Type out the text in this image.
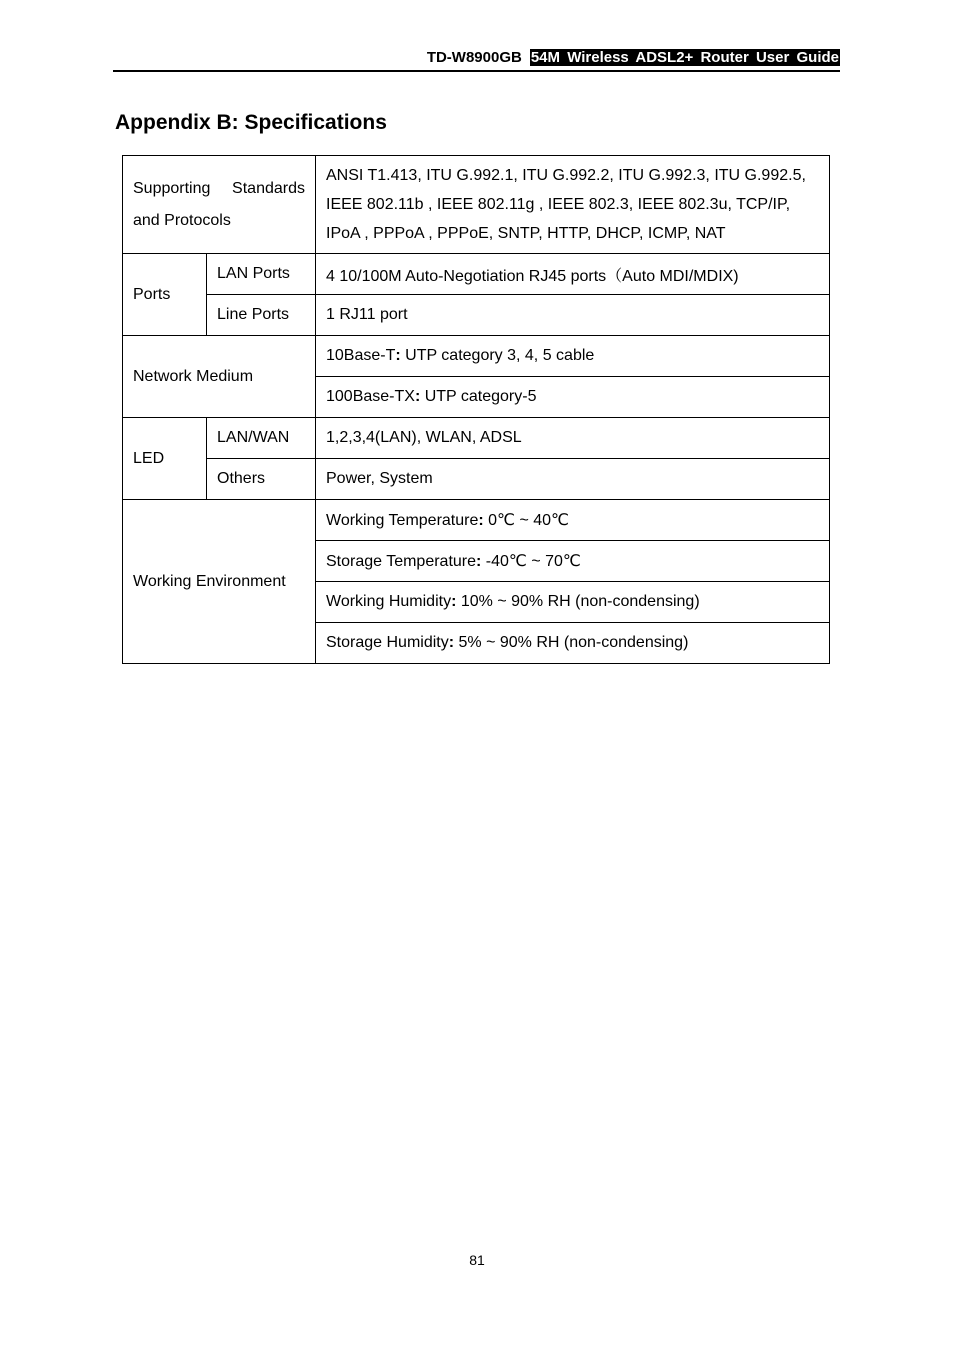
TD-W8900GB 54M Wireless ADSL2+ Router User Guide
Appendix B: Specifications
Supporting Standards and Protocols		ANSI T1.413, ITU G.992.1, ITU G.992.2, ITU G.992.3, ITU G.992.5, IEEE 802.11b , IEEE 802.11g , IEEE 802.3, IEEE 802.3u, TCP/IP, IPoA , PPPoA , PPPoE, SNTP, HTTP, DHCP, ICMP, NAT
Ports	LAN Ports	4 10/100M Auto-Negotiation RJ45 ports（Auto MDI/MDIX)
	Line Ports	1 RJ11 port
Network Medium		10Base-T: UTP category 3, 4, 5 cable
		100Base-TX: UTP category-5
LED	LAN/WAN	1,2,3,4(LAN), WLAN, ADSL
	Others	Power, System
Working Environment		Working Temperature: 0℃ ~ 40℃
		Storage Temperature: -40℃ ~ 70℃
		Working Humidity: 10% ~ 90% RH (non-condensing)
		Storage Humidity: 5% ~ 90% RH (non-condensing)
81
